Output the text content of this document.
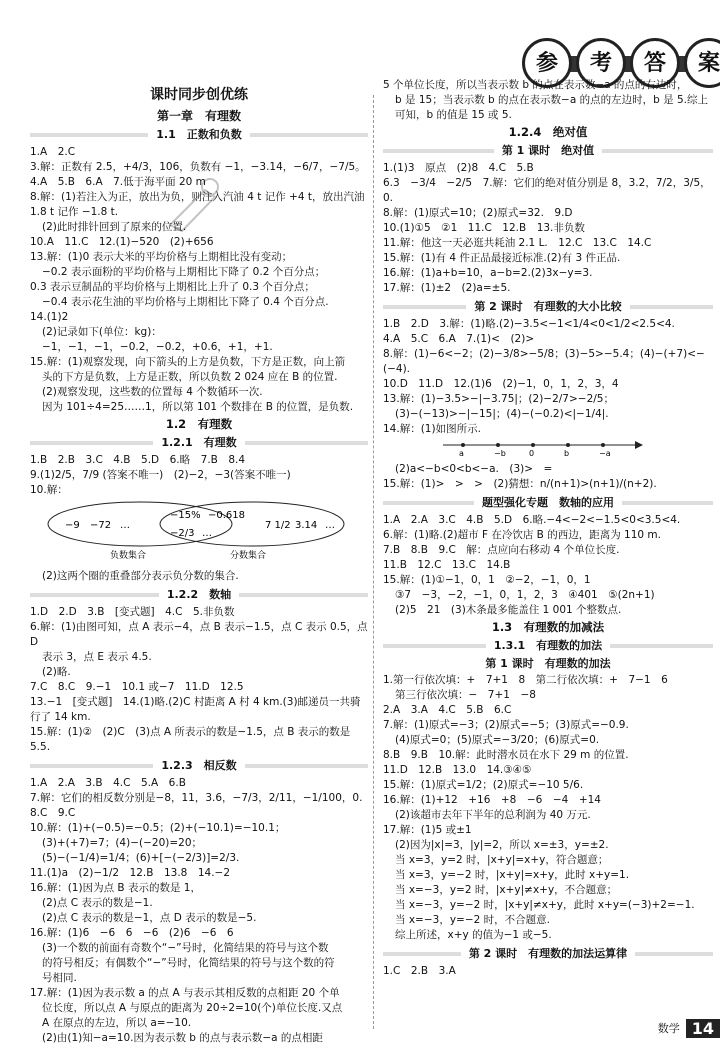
参	考	答	案
课时同步创优练
第一章　有理数
1.1　正数和负数
1.A　2.C
3.解：正数有 2.5，+4/3，106，负数有 −1，−3.14，−6/7，−7/5。
4.A　5.B　6.A　7.低于海平面 20 m
8.解：(1)若注入为正，放出为负，则注入汽油 4 t 记作 +4 t，放出汽油
1.8 t 记作 −1.8 t.
(2)此时排针回到了原来的位置.
10.A　11.C　12.(1)−520　(2)+656
13.解：(1)0 表示大米的平均价格与上期相比没有变动；
−0.2 表示面粉的平均价格与上期相比下降了 0.2 个百分点；
0.3 表示豆制品的平均价格与上期相比上升了 0.3 个百分点；
−0.4 表示花生油的平均价格与上期相比下降了 0.4 个百分点.
14.(1)2
(2)记录如下(单位：kg)：−1，−1，−1，−0.2，−0.2，+0.6，+1，+1.
15.解：(1)观察发现，向下箭头的上方是负数，下方是正数，向上箭
头的下方是负数，上方是正数，所以负数 2 024 应在 B 的位置.
(2)观察发现，这些数的位置每 4 个数循环一次.
因为 101÷4=25……1，所以第 101 个数排在 B 的位置，是负数.
1.2　有理数
1.2.1　有理数
1.B　2.B　3.C　4.B　5.D　6.略　7.B　8.4
9.(1)2/5，7/9 (答案不唯一)　(2)−2，−3(答案不唯一)
10.解：
−9 −72 …
−15% −0.618
−2/3 …
7 1/2 3.14 …
负数集合	分数集合
(2)这两个圈的重叠部分表示负分数的集合.
1.2.2　数轴
1.D　2.D　3.B　[变式题]　4.C　5.非负数
6.解：(1)由图可知，点 A 表示−4，点 B 表示−1.5，点 C 表示 0.5，点 D
表示 3，点 E 表示 4.5.
(2)略.
7.C　8.C　9.−1　10.1 或−7　11.D　12.5
13.−1　[变式题]　14.(1)略.(2)C 村距离 A 村 4 km.(3)邮递员一共骑行了 14 km.
15.解：(1)②　(2)C　(3)点 A 所表示的数是−1.5，点 B 表示的数是 5.5.
1.2.3　相反数
1.A　2.A　3.B　4.C　5.A　6.B
7.解：它们的相反数分别是−8，11，3.6，−7/3，2/11，−1/100，0.
8.C　9.C
10.解：(1)+(−0.5)=−0.5；(2)+(−10.1)=−10.1；
(3)+(+7)=7；(4)−(−20)=20；
(5)−(−1/4)=1/4；(6)+[−(−2/3)]=2/3.
11.(1)a　(2)−1/2　12.B　13.8　14.−2
16.解：(1)因为点 B 表示的数是 1，
(2)点 C 表示的数是−1.
(2)点 C 表示的数是−1，点 D 表示的数是−5.
16.解：(1)6　−6　6　−6　(2)6　−6　6
(3)一个数的前面有奇数个“−”号时，化简结果的符号与这个数
的符号相反；有偶数个“−”号时，化简结果的符号与这个数的符
号相同.
17.解：(1)因为表示数 a 的点 A 与表示其相反数的点相距 20 个单
位长度，所以点 A 与原点的距离为 20÷2=10(个)单位长度.又点
A 在原点的左边，所以 a=−10.
(2)由(1)知−a=10.因为表示数 b 的点与表示数−a 的点相距
5 个单位长度，所以当表示数 b 的点在表示数−a 的点的右边时，
b 是 15；当表示数 b 的点在表示数−a 的点的左边时，b 是 5.综上
可知，b 的值是 15 或 5.
1.2.4　绝对值
第 1 课时　绝对值
1.(1)3　原点　(2)8　4.C　5.B
6.3　−3/4　−2/5　7.解：它们的绝对值分别是 8，3.2，7/2，3/5，0.
8.解：(1)原式=10；(2)原式=32.　9.D
10.(1)①5　②1　11.C　12.B　13.非负数
11.解：他这一天必逛共耗油 2.1 L.　12.C　13.C　14.C
15.解：(1)有 4 件正品最接近标准.(2)有 3 件正品.
16.解：(1)a+b=10，a−b=2.(2)3x−y=3.
17.解：(1)±2　(2)a=±5.
第 2 课时　有理数的大小比较
1.B　2.D　3.解：(1)略.(2)−3.5<−1<1/4<0<1/2<2.5<4.
4.A　5.C　6.A　7.(1)<　(2)>
8.解：(1)−6<−2；(2)−3/8>−5/8；(3)−5>−5.4；(4)−(+7)<−(−4).
10.D　11.D　12.(1)6　(2)−1，0，1，2，3，4
13.解：(1)−3.5>−|−3.75|；(2)−2/7>−2/5；
(3)−(−13)>−|−15|；(4)−(−0.2)<|−1/4|.
14.解：(1)如图所示.
a	−b	0	b	−a
(2)a<−b<0<b<−a.　(3)>　=
15.解：(1)>　>　>　(2)猜想：n/(n+1)>(n+1)/(n+2).
题型强化专题　数轴的应用
1.A　2.A　3.C　4.B　5.D　6.略.−4<−2<−1.5<0<3.5<4.
6.解：(1)略.(2)超市 F 在冷饮店 B 的西边，距离为 110 m.
7.B　8.B　9.C　解：点应向右移动 4 个单位长度.
11.B　12.C　13.C　14.B
15.解：(1)①−1，0，1　②−2，−1，0，1
③7　−3，−2，−1，0，1，2，3　④401　⑤(2n+1)
(2)5　21　(3)木条最多能盖住 1 001 个整数点.
1.3　有理数的加减法
1.3.1　有理数的加法
第 1 课时　有理数的加法
1.第一行依次填：+　7+1　8　第二行依次填：+　7−1　6
第三行依次填：−　7+1　−8
2.A　3.A　4.C　5.B　6.C
7.解：(1)原式=−3；(2)原式=−5；(3)原式=−0.9.
(4)原式=0；(5)原式=−3/20；(6)原式=0.
8.B　9.B　10.解：此时潜水员在水下 29 m 的位置.
11.D　12.B　13.0　14.③④⑤
15.解：(1)原式=1/2；(2)原式=−10 5/6.
16.解：(1)+12　+16　+8　−6　−4　+14
(2)该超市去年下半年的总利润为 40 万元.
17.解：(1)5 或±1
(2)因为|x|=3，|y|=2，所以 x=±3，y=±2.
当 x=3，y=2 时，|x+y|=x+y，符合题意；
当 x=3，y=−2 时，|x+y|=x+y，此时 x+y=1.
当 x=−3，y=2 时，|x+y|≠x+y，不合题意；
当 x=−3，y=−2 时，|x+y|≠x+y，此时 x+y=(−3)+2=−1.
当 x=−3，y=−2 时，不合题意.
综上所述，x+y 的值为−1 或−5.
第 2 课时　有理数的加法运算律
1.C　2.B　3.A
数学 14
